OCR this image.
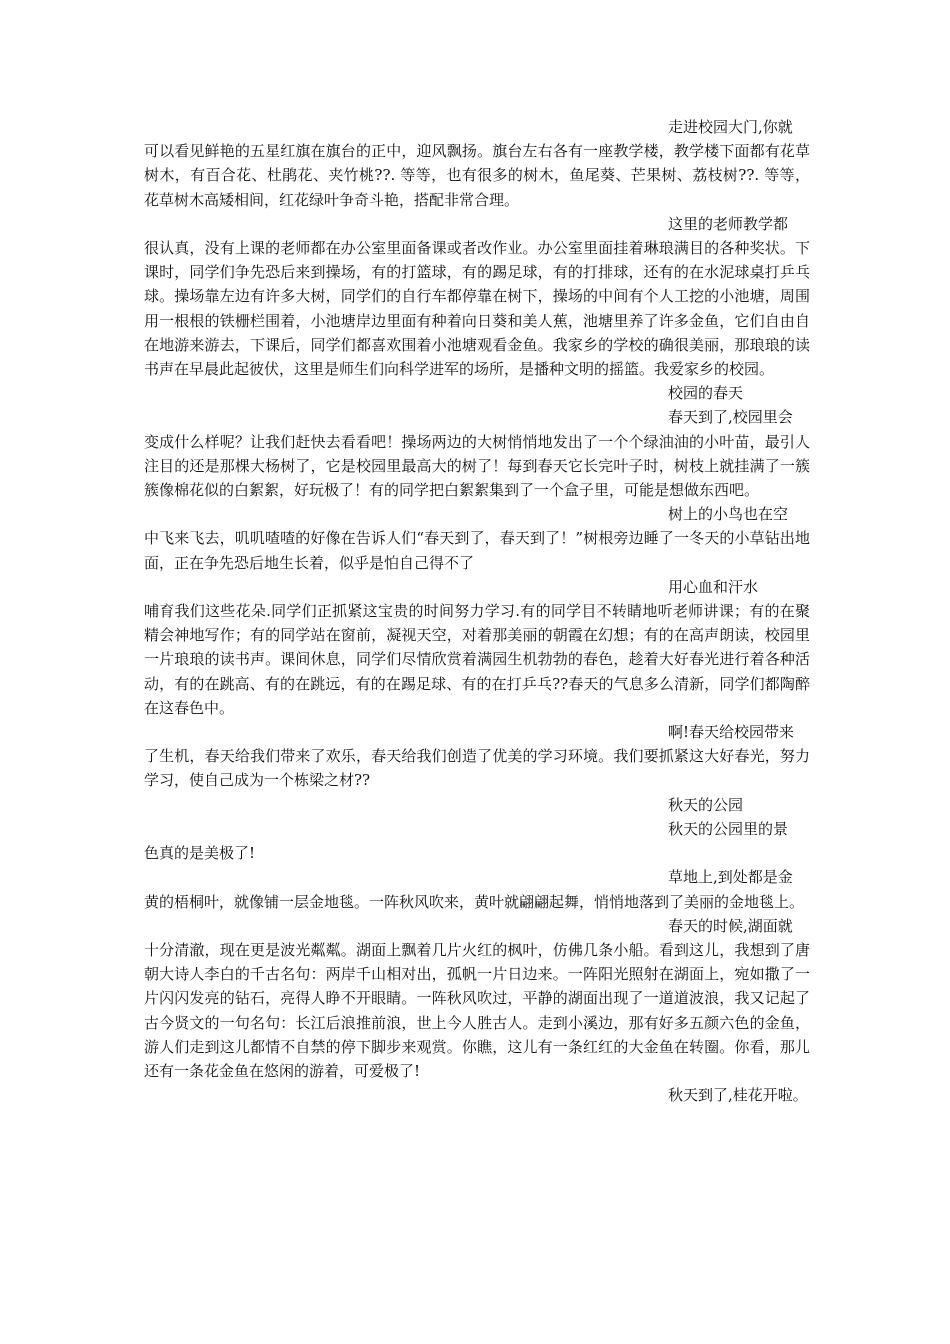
走进校园大门,你就
可以看见鲜艳的五星红旗在旗台的正中，迎风飘扬。旗台左右各有一座教学楼，教学楼下面都有花草树木，有百合花、杜鹃花、夹竹桃??. 等等，也有很多的树木，鱼尾葵、芒果树、荔枝树??. 等等，花草树木高矮相间，红花绿叶争奇斗艳，搭配非常合理。

这里的老师教学都
很认真，没有上课的老师都在办公室里面备课或者改作业。办公室里面挂着琳琅满目的各种奖状。下课时，同学们争先恐后来到操场，有的打篮球，有的踢足球，有的打排球，还有的在水泥球桌打乒乓球。操场靠左边有许多大树，同学们的自行车都停靠在树下，操场的中间有个人工挖的小池塘，周围用一根根的铁栅栏围着，小池塘岸边里面有种着向日葵和美人蕉，池塘里养了许多金鱼，它们自由自在地游来游去，下课后，同学们都喜欢围着小池塘观看金鱼。我家乡的学校的确很美丽，那琅琅的读书声在早晨此起彼伏，这里是师生们向科学进军的场所，是播种文明的摇篮。我爱家乡的校园。

校园的春天

春天到了,校园里会
变成什么样呢？让我们赶快去看看吧！操场两边的大树悄悄地发出了一个个绿油油的小叶苗，最引人注目的还是那棵大杨树了，它是校园里最高大的树了！每到春天它长完叶子时，树枝上就挂满了一簇簇像棉花似的白絮絮，好玩极了！有的同学把白絮絮集到了一个盒子里，可能是想做东西吧。

树上的小鸟也在空
中飞来飞去，叽叽喳喳的好像在告诉人们“春天到了，春天到了！”树根旁边睡了一冬天的小草钻出地面，正在争先恐后地生长着，似乎是怕自己得不了

用心血和汗水
哺育我们这些花朵.同学们正抓紧这宝贵的时间努力学习.有的同学目不转睛地听老师讲课；有的在聚精会神地写作；有的同学站在窗前，凝视天空，对着那美丽的朝霞在幻想；有的在高声朗读，校园里一片琅琅的读书声。课间休息，同学们尽情欣赏着满园生机勃勃的春色，趁着大好春光进行着各种活动，有的在跳高、有的在跳远，有的在踢足球、有的在打乒乓??春天的气息多么清新，同学们都陶醉在这春色中。

啊!春天给校园带来
了生机，春天给我们带来了欢乐，春天给我们创造了优美的学习环境。我们要抓紧这大好春光，努力学习，使自己成为一个栋梁之材??

秋天的公园

秋天的公园里的景
色真的是美极了!

草地上,到处都是金
黄的梧桐叶，就像铺一层金地毯。一阵秋风吹来，黄叶就翩翩起舞，悄悄地落到了美丽的金地毯上。

春天的时候,湖面就
十分清澈，现在更是波光粼粼。湖面上飘着几片火红的枫叶，仿佛几条小船。看到这儿，我想到了唐朝大诗人李白的千古名句：两岸千山相对出，孤帆一片日边来。一阵阳光照射在湖面上，宛如撒了一片闪闪发亮的钻石，亮得人睁不开眼睛。一阵秋风吹过，平静的湖面出现了一道道波浪，我又记起了古今贤文的一句名句：长江后浪推前浪，世上今人胜古人。走到小溪边，那有好多五颜六色的金鱼，游人们走到这儿都情不自禁的停下脚步来观赏。你瞧，这儿有一条红红的大金鱼在转圈。你看，那儿还有一条花金鱼在悠闲的游着，可爱极了!

秋天到了,桂花开啦。
